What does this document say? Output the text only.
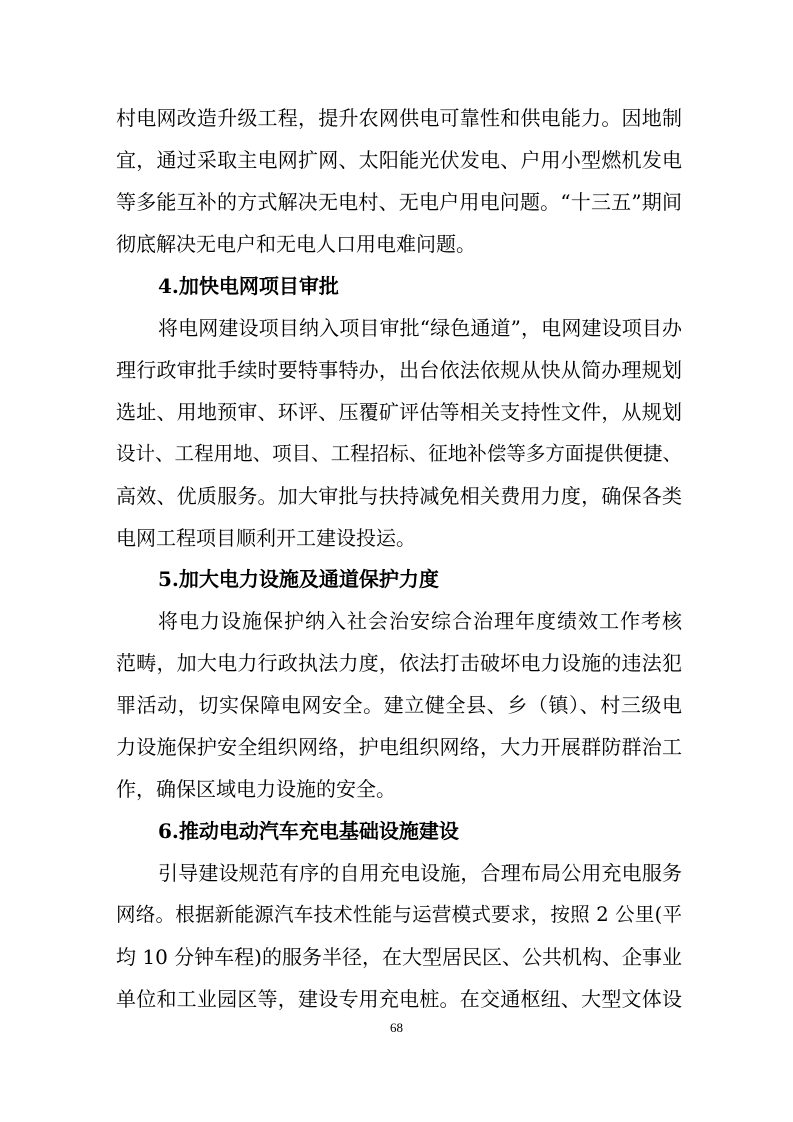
村电网改造升级工程，提升农网供电可靠性和供电能力。因地制
宜，通过采取主电网扩网、太阳能光伏发电、户用小型燃机发电
等多能互补的方式解决无电村、无电户用电问题。“十三五”期间
彻底解决无电户和无电人口用电难问题。
4.加快电网项目审批
将电网建设项目纳入项目审批“绿色通道”，电网建设项目办
理行政审批手续时要特事特办，出台依法依规从快从简办理规划
选址、用地预审、环评、压覆矿评估等相关支持性文件，从规划
设计、工程用地、项目、工程招标、征地补偿等多方面提供便捷、
高效、优质服务。加大审批与扶持减免相关费用力度，确保各类
电网工程项目顺利开工建设投运。
5.加大电力设施及通道保护力度
将电力设施保护纳入社会治安综合治理年度绩效工作考核
范畴，加大电力行政执法力度，依法打击破坏电力设施的违法犯
罪活动，切实保障电网安全。建立健全县、乡（镇）、村三级电
力设施保护安全组织网络，护电组织网络，大力开展群防群治工
作，确保区域电力设施的安全。
6.推动电动汽车充电基础设施建设
引导建设规范有序的自用充电设施，合理布局公用充电服务
网络。根据新能源汽车技术性能与运营模式要求，按照 2 公里(平
均 10 分钟车程)的服务半径，在大型居民区、公共机构、企事业
单位和工业园区等，建设专用充电桩。在交通枢纽、大型文体设
68
